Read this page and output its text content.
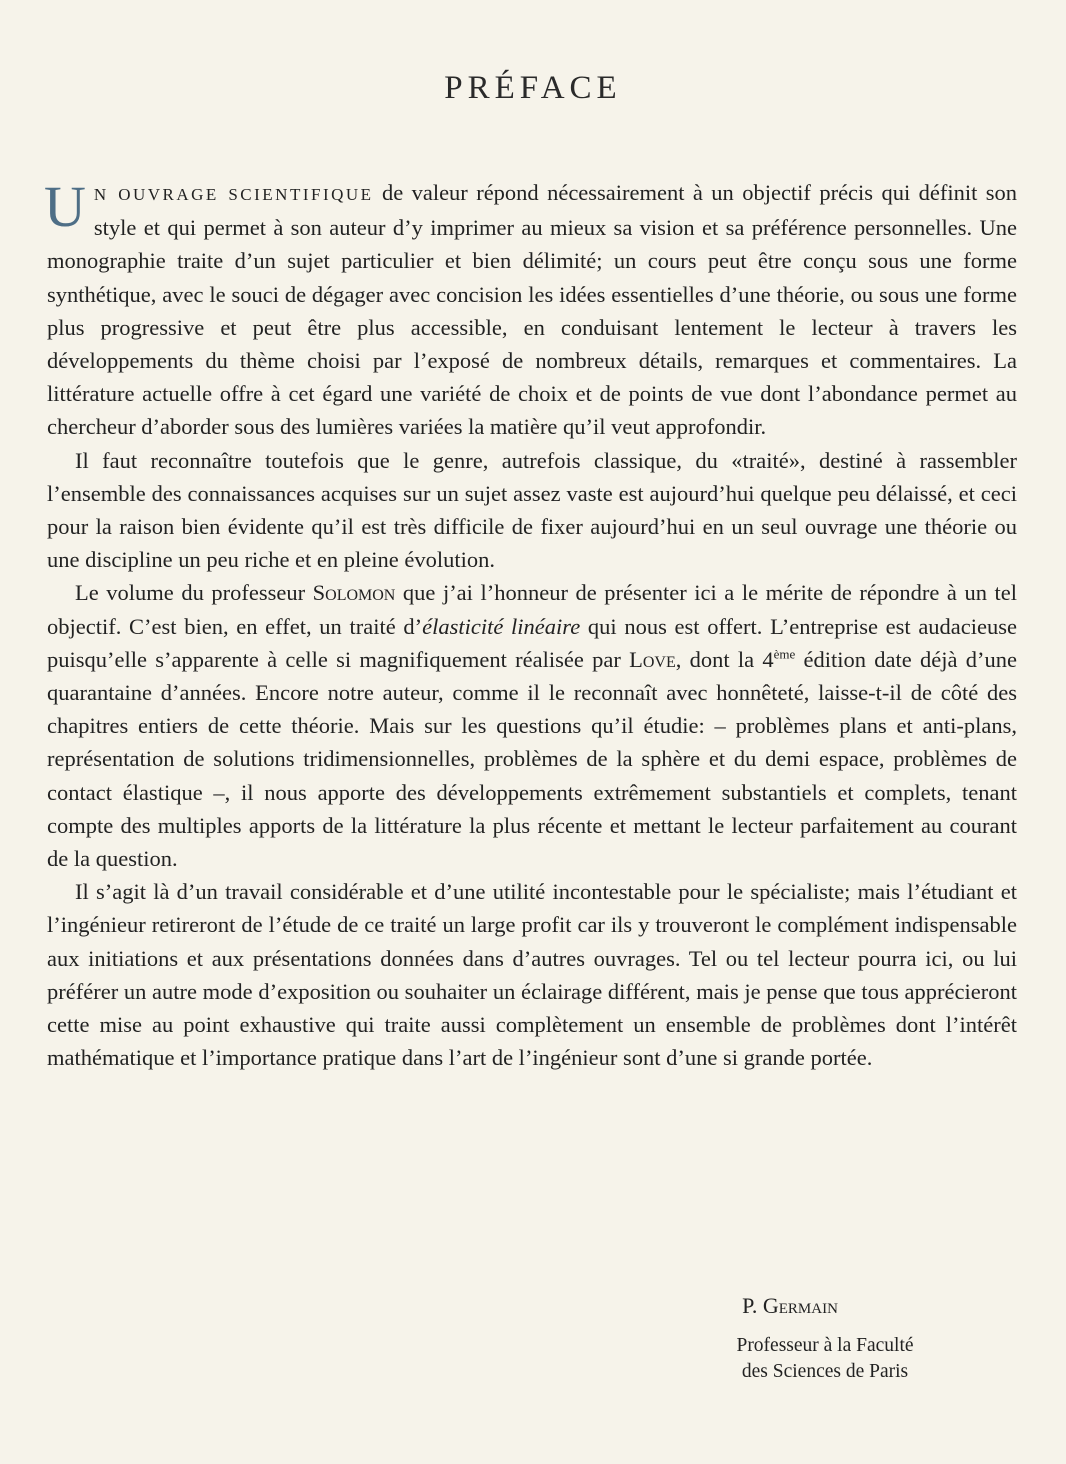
PRÉFACE

U N OUVRAGE SCIENTIFIQUE de valeur répond nécessairement à un objectif précis qui définit son style et qui permet à son auteur d’y imprimer au mieux sa vision et sa préférence personnelles. Une monographie traite d’un sujet particulier et bien délimité; un cours peut être conçu sous une forme synthétique, avec le souci de dégager avec concision les idées essentielles d’une théorie, ou sous une forme plus progressive et peut être plus accessible, en conduisant lentement le lecteur à travers les développements du thème choisi par l’exposé de nombreux détails, remarques et commentaires. La littérature actuelle offre à cet égard une variété de choix et de points de vue dont l’abondance permet au chercheur d’aborder sous des lumières variées la matière qu’il veut approfondir.

Il faut reconnaître toutefois que le genre, autrefois classique, du «traité», destiné à rassembler l’ensemble des connaissances acquises sur un sujet assez vaste est aujourd’hui quelque peu délaissé, et ceci pour la raison bien évidente qu’il est très difficile de fixer aujourd’hui en un seul ouvrage une théorie ou une discipline un peu riche et en pleine évolution.

Le volume du professeur Solomon que j’ai l’honneur de présenter ici a le mérite de répondre à un tel objectif. C’est bien, en effet, un traité d’élasticité linéaire qui nous est offert. L’entreprise est audacieuse puisqu’elle s’apparente à celle si magnifiquement réalisée par Love, dont la 4ème édition date déjà d’une quarantaine d’années. Encore notre auteur, comme il le reconnaît avec honnêteté, laisse-t-il de côté des chapitres entiers de cette théorie. Mais sur les questions qu’il étudie: – problèmes plans et anti-plans, représentation de solutions tridimensionnelles, problèmes de la sphère et du demi espace, problèmes de contact élastique –, il nous apporte des développements extrêmement substantiels et complets, tenant compte des multiples apports de la littérature la plus récente et mettant le lecteur parfaitement au courant de la question.

Il s’agit là d’un travail considérable et d’une utilité incontestable pour le spécialiste; mais l’étudiant et l’ingénieur retireront de l’étude de ce traité un large profit car ils y trouveront le complément indispensable aux initiations et aux présentations données dans d’autres ouvrages. Tel ou tel lecteur pourra ici, ou lui préférer un autre mode d’exposition ou souhaiter un éclairage différent, mais je pense que tous apprécieront cette mise au point exhaustive qui traite aussi complètement un ensemble de problèmes dont l’intérêt mathématique et l’importance pratique dans l’art de l’ingénieur sont d’une si grande portée.

P. Germain
Professeur à la Faculté
des Sciences de Paris
